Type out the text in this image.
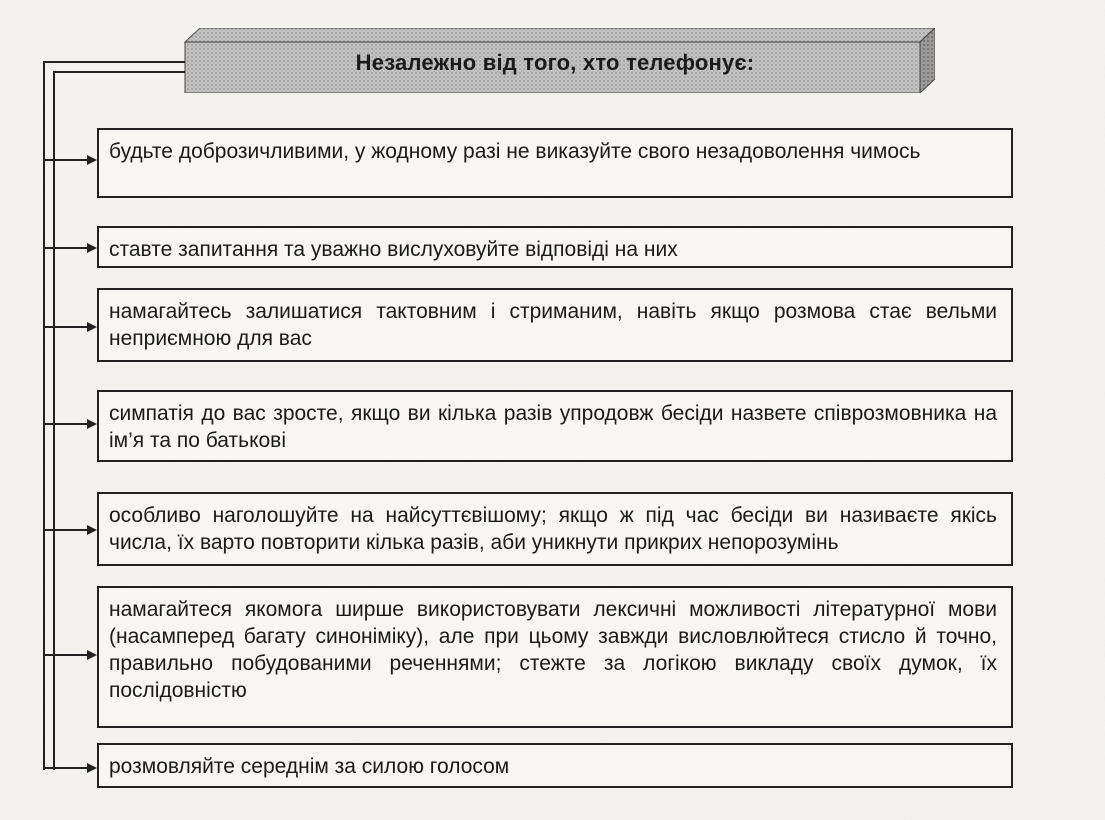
Незалежно від того, хто телефонує:
будьте доброзичливими, у жодному разі не виказуйте свого незадоволення чимось
ставте запитання та уважно вислуховуйте відповіді на них
намагайтесь залишатися тактовним і стриманим, навіть якщо розмова стає вельми неприємною для вас
симпатія до вас зросте, якщо ви кілька разів упродовж бесіди назвете співрозмовника на ім’я та по батькові
особливо наголошуйте на найсуттєвішому; якщо ж під час бесіди ви називаєте якісь числа, їх варто повторити кілька разів, аби уникнути прикрих непорозумінь
намагайтеся якомога ширше використовувати лексичні можливості літературної мови (насамперед багату синоніміку), але при цьому завжди висловлюйтеся стисло й точно, правильно побудованими реченнями; стежте за логікою викладу своїх думок, їх послідовністю
розмовляйте середнім за силою голосом
